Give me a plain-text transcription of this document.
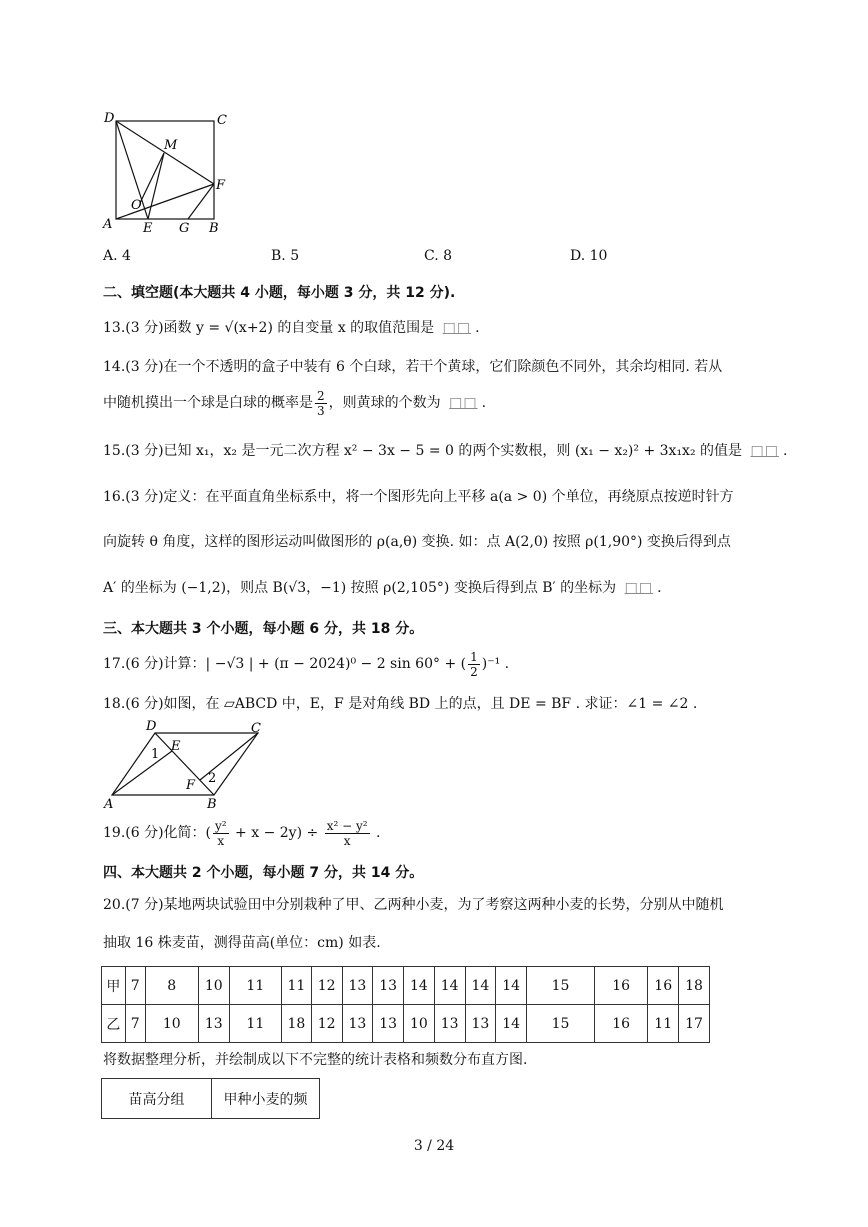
D	C
M
F
O
A E G B
A. 4	B. 5	C. 8	D. 10
二、填空题(本大题共 4 小题，每小题 3 分，共 12 分).
13.(3 分)函数 y = √(x+2) 的自变量 x 的取值范围是 □□ .
14.(3 分)在一个不透明的盒子中装有 6 个白球，若干个黄球，它们除颜色不同外，其余均相同. 若从
中随机摸出一个球是白球的概率是 $\frac{2}{3}$ ，则黄球的个数为 □□ .
15.(3 分)已知 x₁，x₂ 是一元二次方程 x² − 3x − 5 = 0 的两个实数根，则 (x₁ − x₂)² + 3x₁x₂ 的值是 □□ .
16.(3 分)定义：在平面直角坐标系中，将一个图形先向上平移 a(a > 0) 个单位，再绕原点按逆时针方
向旋转 θ 角度，这样的图形运动叫做图形的 ρ(a,θ) 变换. 如：点 A(2,0) 按照 ρ(1,90°) 变换后得到点
A′ 的坐标为 (−1,2)，则点 B(√3，−1) 按照 ρ(2,105°) 变换后得到点 B′ 的坐标为 □□ .
三、本大题共 3 个小题，每小题 6 分，共 18 分。
17.(6 分)计算：| −√3 | + (π − 2024)⁰ − 2 sin 60° + ( $\frac{1}{2} )^{-1}$ .
18.(6 分)如图，在 ▱ABCD 中，E，F 是对角线 BD 上的点，且 DE = BF . 求证：∠1 = ∠2 .
D	C
E
1
2
F
A	B
19.(6 分)化简：( $\frac{\text{y²}}{x} + x - 2y) \div \frac{\text{x² − y²}}{x}$ .
四、本大题共 2 个小题，每小题 7 分，共 14 分。
20.(7 分)某地两块试验田中分别栽种了甲、乙两种小麦，为了考察这两种小麦的长势，分别从中随机
抽取 16 株麦苗，测得苗高(单位：cm) 如表.
甲	7	8	10	11	11	12	13	13	14	14	14	14	15	16	16	18
乙	7	10	13	11	18	12	13	13	10	13	13	14	15	16	11	17
将数据整理分析，并绘制成以下不完整的统计表格和频数分布直方图.
苗高分组	甲种小麦的频
3 / 24
